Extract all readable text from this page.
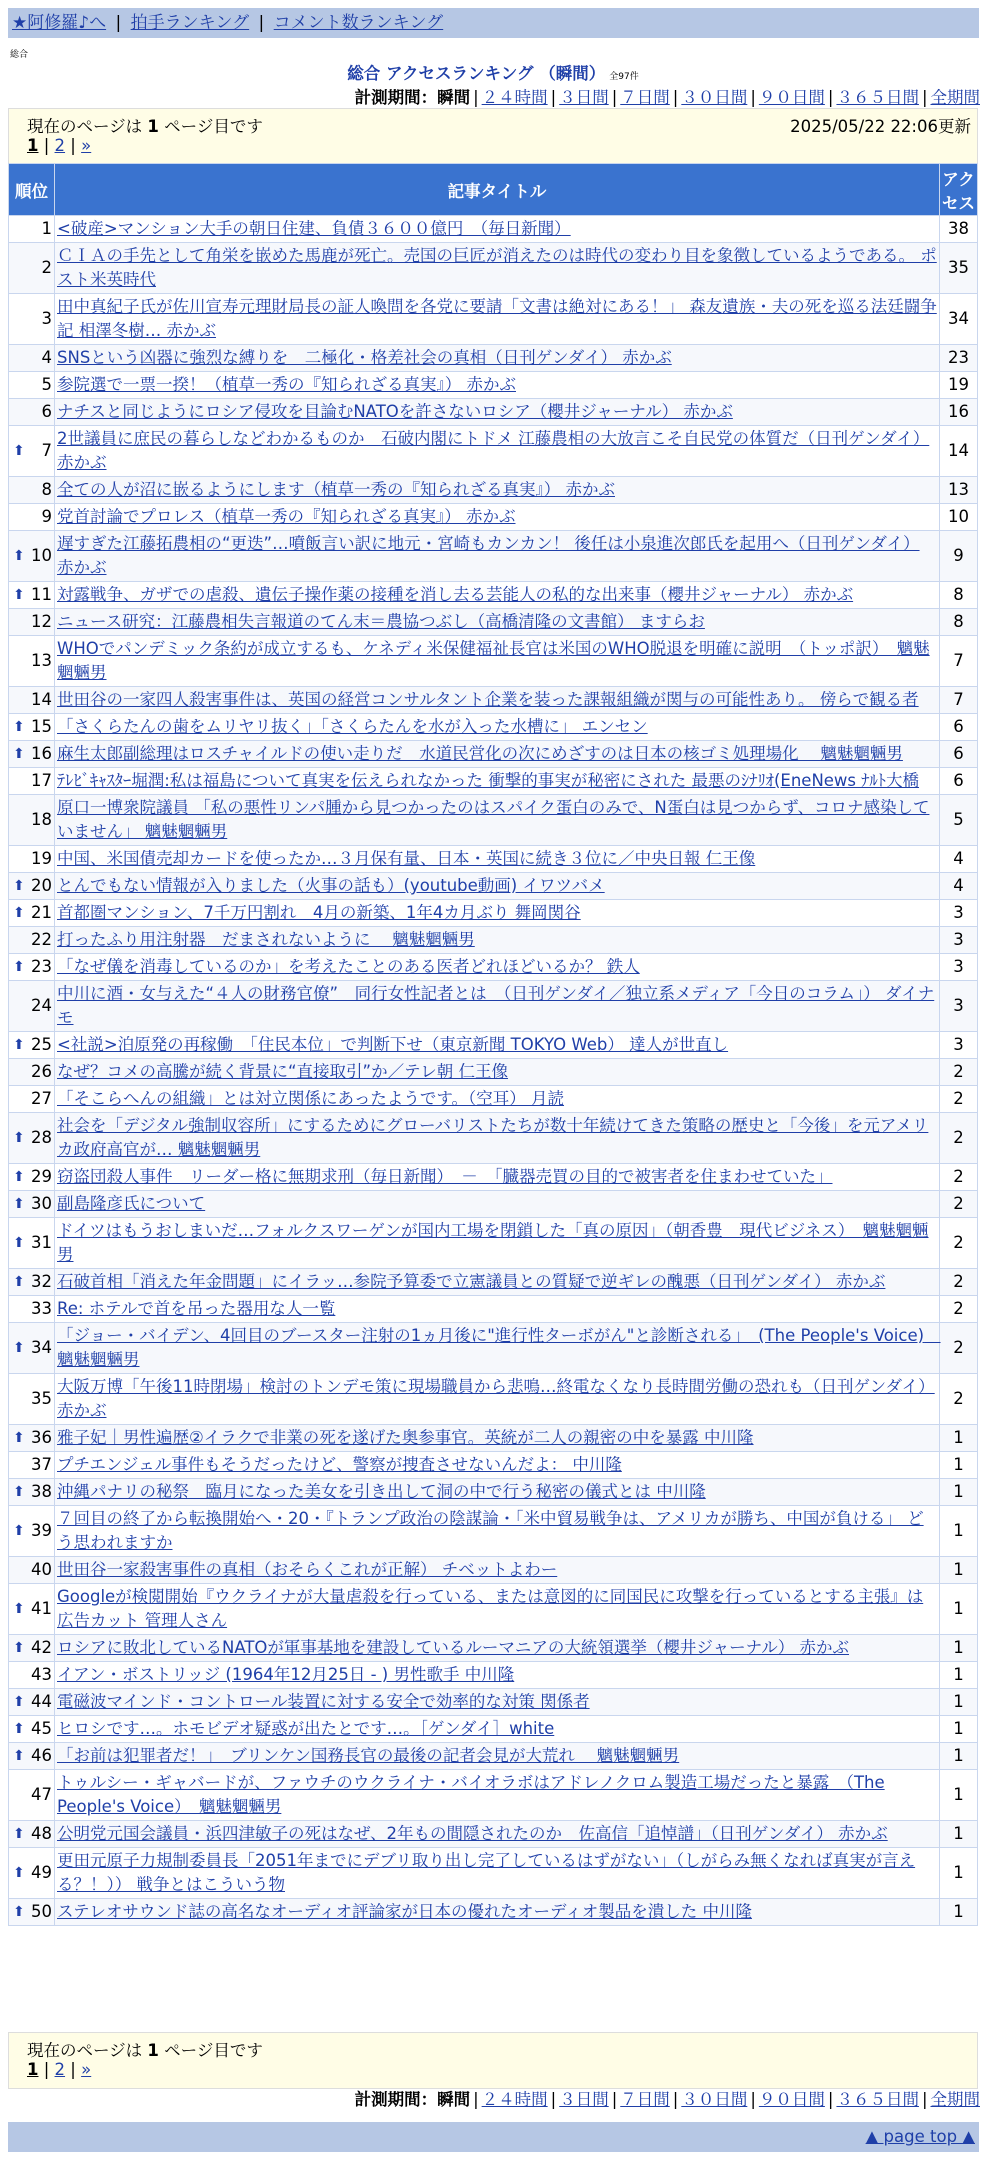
★阿修羅♪へ | 拍手ランキング | コメント数ランキング
総合
総合 アクセスランキング （瞬間） 全97件
計測期間：瞬間 | ２４時間 | ３日間 | ７日間 | ３０日間 | ９０日間 | ３６５日間 | 全期間
現在のページは 1 ページ目です	2025/05/22 22:06更新
1 | 2 | »
順位	記事タイトル	アクセス
1	<破産>マンション大手の朝日住建、負債３６００億円　（毎日新聞）	38
2	ＣＩＡの手先として角栄を嵌めた馬鹿が死亡。売国の巨匠が消えたのは時代の変わり目を象徴しているようである。 ポスト米英時代	35
3	田中真紀子氏が佐川宣寿元理財局長の証人喚問を各党に要請「文書は絶対にある！」 森友遺族・夫の死を巡る法廷闘争記 相澤冬樹… 赤かぶ	34
4	SNSという凶器に強烈な縛りを　二極化・格差社会の真相（日刊ゲンダイ） 赤かぶ	23
5	参院選で一票一揆！（植草一秀の『知られざる真実』） 赤かぶ	19
6	ナチスと同じようにロシア侵攻を目論むNATOを許さないロシア（櫻井ジャーナル） 赤かぶ	16

⬆ 7	2世議員に庶民の暮らしなどわかるものか　石破内閣にトドメ 江藤農相の大放言こそ自民党の体質だ（日刊ゲンダイ） 赤かぶ	14
8	全ての人が沼に嵌るようにします（植草一秀の『知られざる真実』） 赤かぶ	13
9	党首討論でプロレス（植草一秀の『知られざる真実』） 赤かぶ	10

⬆ 10	遅すぎた江藤拓農相の“更迭”…噴飯言い訳に地元・宮崎もカンカン！ 後任は小泉進次郎氏を起用へ（日刊ゲンダイ） 赤かぶ	9

⬆ 11	対露戦争、ガザでの虐殺、遺伝子操作薬の接種を消し去る芸能人の私的な出来事（櫻井ジャーナル） 赤かぶ	8
12	ニュース研究：江藤農相失言報道のてん末＝農協つぶし（高橋清隆の文書館） ますらお	8
13	WHOでパンデミック条約が成立するも、ケネディ米保健福祉長官は米国のWHO脱退を明確に説明　（トッポ訳）　魑魅魍魎男	7
14	世田谷の一家四人殺害事件は、英国の経営コンサルタント企業を装った課報組織が関与の可能性あり。 傍らで観る者	7

⬆ 15	「さくらたんの歯をムリヤリ抜く」「さくらたんを水が入った水槽に」 エンセン	6

⬆ 16	麻生太郎副総理はロスチャイルドの使い走りだ　水道民営化の次にめざすのは日本の核ゴミ処理場化　 魑魅魍魎男	6
17	ﾃﾚﾋﾞｷｬｽﾀｰ堀潤:私は福島について真実を伝えられなかった 衝撃的事実が秘密にされた 最悪のｼﾅﾘｵ(EneNews ﾅﾙﾄ大橋	6
18	原口一博衆院議員 「私の悪性リンパ腫から見つかったのはスパイク蛋白のみで、N蛋白は見つからず、コロナ感染していません」 魑魅魍魎男	5
19	中国、米国債売却カードを使ったか…３月保有量、日本・英国に続き３位に／中央日報 仁王像	4

⬆ 20	とんでもない情報が入りました（火事の話も）(youtube動画) イワツバメ	4

⬆ 21	首都圏マンション、7千万円割れ　4月の新築、1年4カ月ぶり 舞岡関谷	3
22	打ったふり用注射器　だまされないように　 魑魅魍魎男	3

⬆ 23	「なぜ儀を消毒しているのか」を考えたことのある医者どれほどいるか？ 鉄人	3
24	中川に酒・女与えた“４人の財務官僚”　同行女性記者とは　（日刊ゲンダイ／独立系メディア「今日のコラム」） ダイナモ	3

⬆ 25	<社説>泊原発の再稼働　「住民本位」で判断下せ（東京新聞 TOKYO Web） 達人が世直し	3
26	なぜ？コメの高騰が続く背景に“直接取引”か／テレ朝 仁王像	2
27	「そこらへんの組織」とは対立関係にあったようです。（空耳） 月読	2

⬆ 28	社会を「デジタル強制収容所」にするためにグローバリストたちが数十年続けてきた策略の歴史と「今後」を元アメリカ政府高官が… 魑魅魍魎男	2

⬆ 29	窃盗団殺人事件　リーダー格に無期求刑（毎日新聞）　－　「臓器売買の目的で被害者を住まわせていた」	2

⬆ 30	副島隆彦氏について	2

⬆ 31	ドイツはもうおしまいだ…フォルクスワーゲンが国内工場を閉鎖した「真の原因」（朝香豊　現代ビジネス）　魑魅魍魎男	2

⬆ 32	石破首相「消えた年金問題」にイラッ…参院予算委で立憲議員との質疑で逆ギレの醜悪（日刊ゲンダイ） 赤かぶ	2
33	Re: ホテルで首を吊った器用な人一覧	2

⬆ 34	「ジョー・バイデン、4回目のブースター注射の1ヵ月後に"進行性ターボがん"と診断される」　(The People's Voice)　魑魅魍魎男	2
35	大阪万博「午後11時閉場」検討のトンデモ策に現場職員から悲鳴…終電なくなり長時間労働の恐れも（日刊ゲンダイ） 赤かぶ	2

⬆ 36	雅子妃｜男性遍歴②イラクで非業の死を遂げた奥参事官。英統が二人の親密の中を暴露 中川隆	1
37	プチエンジェル事件もそうだったけど、警察が捜査させないんだよ： 中川隆	1

⬆ 38	沖縄パナリの秘祭　臨月になった美女を引き出して洞の中で行う秘密の儀式とは 中川隆	1

⬆ 39	７回目の終了から転換開始へ・20・『トランプ政治の陰謀論・「米中貿易戦争は、アメリカが勝ち、中国が負ける」 どう思われますか	1
40	世田谷一家殺害事件の真相（おそらくこれが正解） チベットよわー	1

⬆ 41	Googleが検閲開始『ウクライナが大量虐殺を行っている、または意図的に同国民に攻撃を行っているとする主張』は広告カット 管理人さん	1

⬆ 42	ロシアに敗北しているNATOが軍事基地を建設しているルーマニアの大統領選挙（櫻井ジャーナル） 赤かぶ	1
43	イアン・ボストリッジ (1964年12月25日 - ) 男性歌手 中川隆	1

⬆ 44	電磁波マインド・コントロール装置に対する安全で効率的な対策 関係者	1

⬆ 45	ヒロシです…。ホモビデオ疑惑が出たとです…。［ゲンダイ］white	1

⬆ 46	「お前は犯罪者だ！」　ブリンケン国務長官の最後の記者会見が大荒れ　 魑魅魍魎男	1
47	トゥルシー・ギャバードが、ファウチのウクライナ・バイオラボはアドレノクロム製造工場だったと暴露　（The People's Voice）　魑魅魍魎男	1

⬆ 48	公明党元国会議員・浜四津敏子の死はなぜ、2年もの間隠されたのか　佐高信「追悼譜」（日刊ゲンダイ） 赤かぶ	1

⬆ 49	更田元原子力規制委員長「2051年までにデブリ取り出し完了しているはずがない」（しがらみ無くなれば真実が言える？！）） 戦争とはこういう物	1

⬆ 50	ステレオサウンド誌の高名なオーディオ評論家が日本の優れたオーディオ製品を潰した 中川隆	1
現在のページは 1 ページ目です
1 | 2 | »
計測期間：瞬間 | ２４時間 | ３日間 | ７日間 | ３０日間 | ９０日間 | ３６５日間 | 全期間
▲ page top ▲
